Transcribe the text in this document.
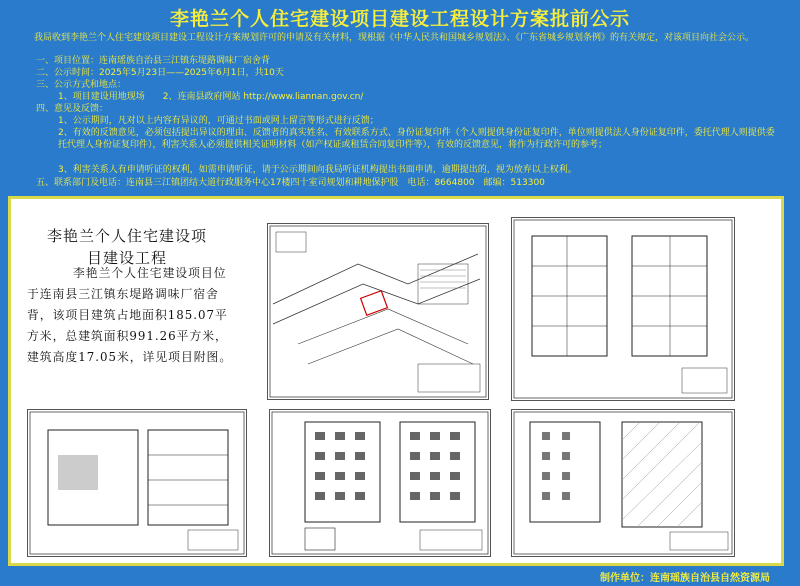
李艳兰个人住宅建设项目建设工程设计方案批前公示
我局收到李艳兰个人住宅建设项目建设工程设计方案规划许可的申请及有关材料，现根据《中华人民共和国城乡规划法》、《广东省城乡规划条例》的有关规定，对该项目向社会公示。
一、项目位置：连南瑶族自治县三江镇东堤路调味厂宿舍背
二、公示时间：2025年5月23日——2025年6月1日，共10天
三、公示方式和地点：
1、项目建设用地现场　　2、连南县政府网站 http://www.liannan.gov.cn/
四、意见及反馈：
1、公示期间，凡对以上内容有异议的，可通过书面或网上留言等形式进行反馈；
2、有效的反馈意见，必须包括提出异议的理由、反馈者的真实姓名、有效联系方式、身份证复印件（个人则提供身份证复印件，单位则提供法人身份证复印件，委托代理人则提供委托代理人身份证复印件），利害关系人必须提供相关证明材料（如产权证或租赁合同复印件等），有效的反馈意见，将作为行政许可的参考；
3、利害关系人有申请听证的权利，如需申请听证，请于公示期间向我局听证机构提出书面申请，逾期提出的，视为放弃以上权利。
五、联系部门及电话：连南县三江镇团结大道行政服务中心17楼四十室司规划和耕地保护股　电话：8664800　邮编：513300
李艳兰个人住宅建设项
目建设工程
李艳兰个人住宅建设项目位于连南县三江镇东堤路调味厂宿舍背，该项目建筑占地面积185.07平方米，总建筑面积991.26平方米，建筑高度17.05米，详见项目附图。
制作单位：连南瑶族自治县自然资源局
